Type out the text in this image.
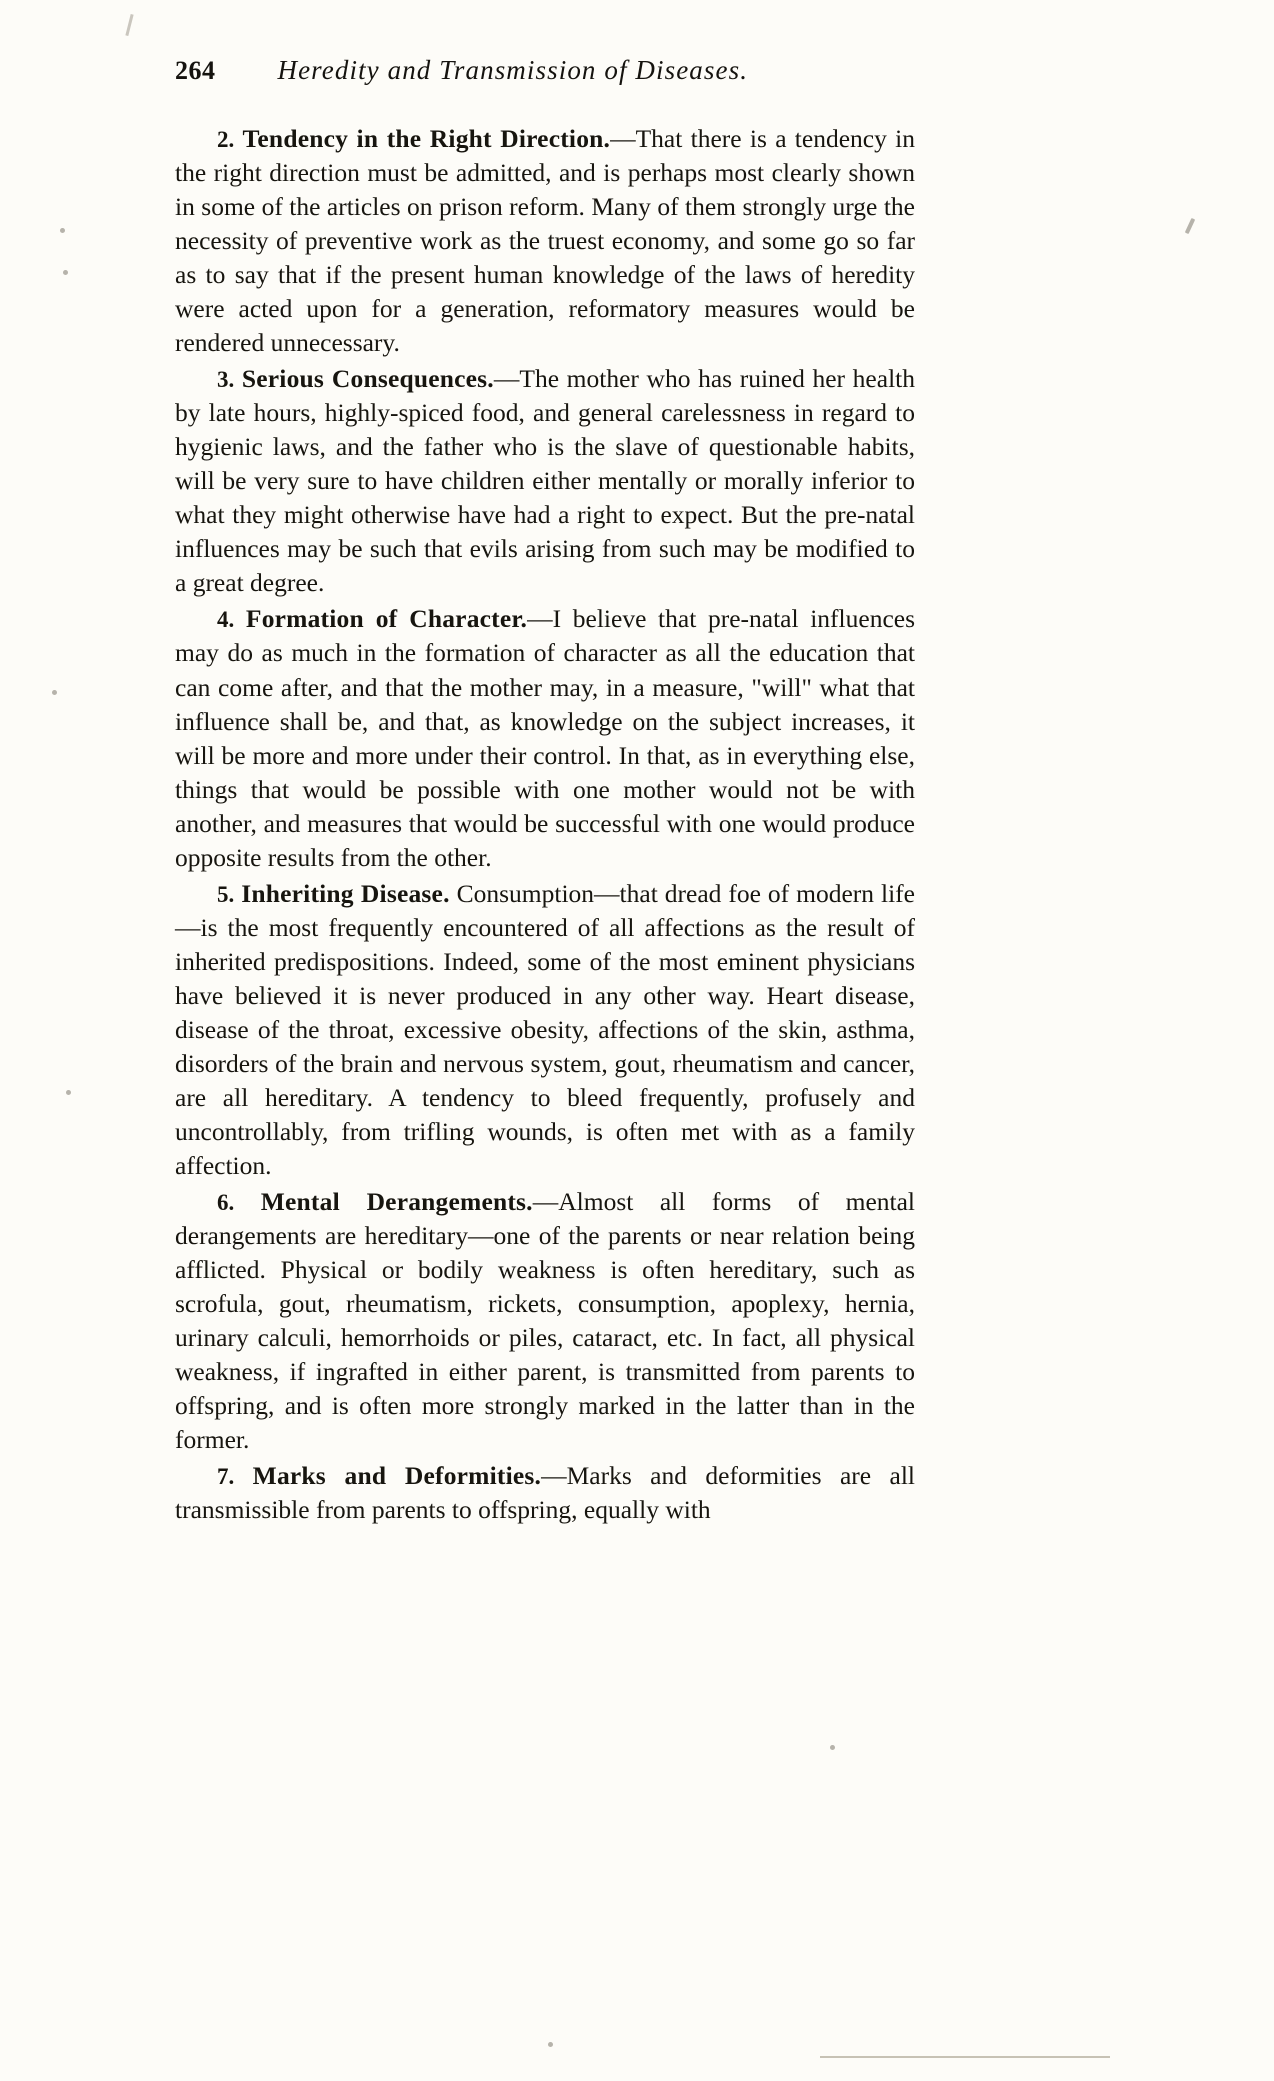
264 Heredity and Transmission of Diseases.

2. Tendency in the Right Direction.—That there is a tendency in the right direction must be admitted, and is perhaps most clearly shown in some of the articles on prison reform. Many of them strongly urge the necessity of preventive work as the truest economy, and some go so far as to say that if the present human knowledge of the laws of heredity were acted upon for a generation, reformatory measures would be rendered unnecessary.

3. Serious Consequences.—The mother who has ruined her health by late hours, highly-spiced food, and general carelessness in regard to hygienic laws, and the father who is the slave of questionable habits, will be very sure to have children either mentally or morally inferior to what they might otherwise have had a right to expect. But the pre-natal influences may be such that evils arising from such may be modified to a great degree.

4. Formation of Character.—I believe that pre-natal influences may do as much in the formation of character as all the education that can come after, and that the mother may, in a measure, "will" what that influence shall be, and that, as knowledge on the subject increases, it will be more and more under their control. In that, as in everything else, things that would be possible with one mother would not be with another, and measures that would be successful with one would produce opposite results from the other.

5. Inheriting Disease. Consumption—that dread foe of modern life—is the most frequently encountered of all affections as the result of inherited predispositions. Indeed, some of the most eminent physicians have believed it is never produced in any other way. Heart disease, disease of the throat, excessive obesity, affections of the skin, asthma, disorders of the brain and nervous system, gout, rheumatism and cancer, are all hereditary. A tendency to bleed frequently, profusely and uncontrollably, from trifling wounds, is often met with as a family affection.

6. Mental Derangements.—Almost all forms of mental derangements are hereditary—one of the parents or near relation being afflicted. Physical or bodily weakness is often hereditary, such as scrofula, gout, rheumatism, rickets, consumption, apoplexy, hernia, urinary calculi, hemorrhoids or piles, cataract, etc. In fact, all physical weakness, if ingrafted in either parent, is transmitted from parents to offspring, and is often more strongly marked in the latter than in the former.

7. Marks and Deformities.—Marks and deformities are all transmissible from parents to offspring, equally with
